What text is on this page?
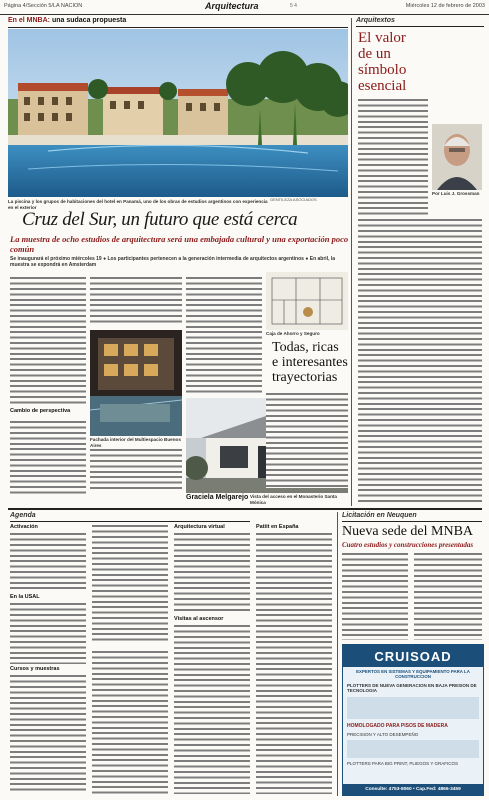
Página 4/Sección 5/LA NACION	Arquitectura	5 4	Miércoles 12 de febrero de 2003
En el MNBA: una sudaca propuesta
GENTILEZA ASOCIADOS
La piscina y los grupos de habitaciones del hotel en Panamá, uno de los obras de estudios argentinos con experiencia en el exterior
Cruz del Sur, un futuro que está cerca
La muestra de ocho estudios de arquitectura será una embajada cultural y una exportación poco común
Se inaugurará el próximo miércoles 19 ● Los participantes pertenecen a la generación intermedia de arquitectos argentinos ● En abril, la muestra se expondrá en Amsterdam
Fachada interior del Multiespacio Buenos Aires
Cambio de perspectiva
Graciela Melgarejo Vista del acceso en el Monasterio Santa Mónica
Caja de Ahorro y Seguro
Todas, ricas
e interesantes
trayectorias
Arquitextos
El valor
de un
símbolo
esencial
Por Luis J. Grossman
Agenda
Activación
En la USAL
Cursos y muestras
Arquitectura virtual
Visitas al ascensor
Patiit en España
Licitación en Neuquen
Nueva sede del MNBA
Cuatro estudios y construcciones presentadas
CRUISOAD
EXPERTOS EN SISTEMAS Y EQUIPAMIENTO PARA LA CONSTRUCCION
PLOTTERS DE NUEVA GENERACION EN BAJA PRESION DE TECNOLOGIA
HOMOLOGADO PARA PISOS DE MADERA
PRECISION Y ALTO DESEMPEÑO
PLOTTERS PARA BIG PRINT, PLIEGOS Y GRAFICOS
Consulte: 4753-8060 • Cap.Fed: 4866-3459
